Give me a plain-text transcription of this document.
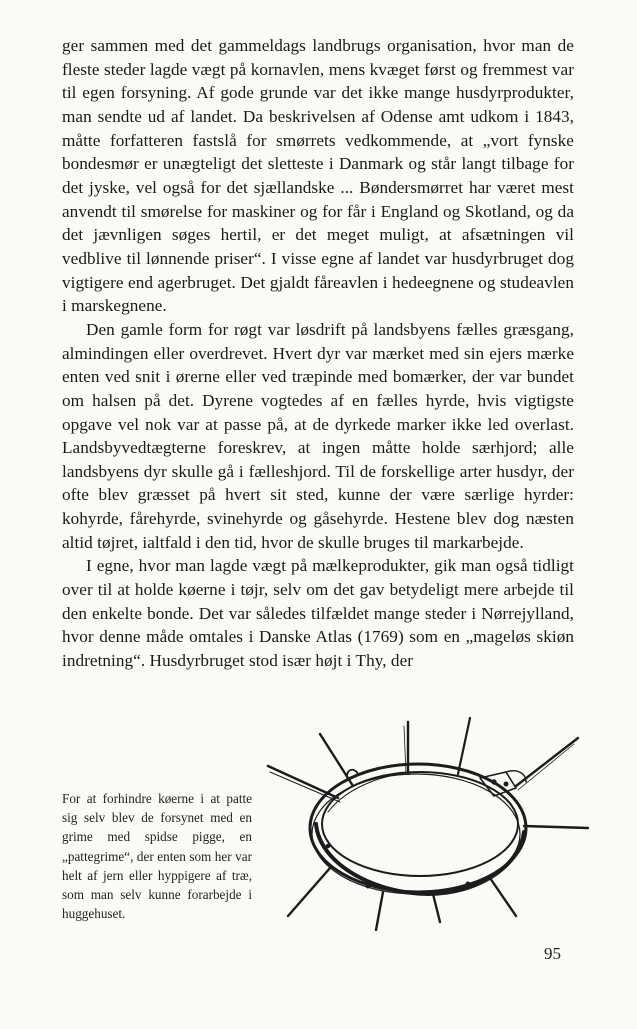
ger sammen med det gammeldags landbrugs organisation, hvor man de fleste steder lagde vægt på kornavlen, mens kvæget først og fremmest var til egen forsyning. Af gode grunde var det ikke mange husdyrprodukter, man sendte ud af landet. Da beskrivelsen af Odense amt udkom i 1843, måtte forfatteren fastslå for smørrets vedkommende, at „vort fynske bondesmør er unægteligt det sletteste i Danmark og står langt tilbage for det jyske, vel også for det sjællandske ... Bøndersmørret har været mest anvendt til smørelse for maskiner og for får i England og Skotland, og da det jævnligen søges hertil, er det meget muligt, at afsætningen vil vedblive til lønnende priser“. I visse egne af landet var husdyrbruget dog vigtigere end agerbruget. Det gjaldt fåreavlen i hedeegnene og studeavlen i marskegnene.

Den gamle form for røgt var løsdrift på landsbyens fælles græsgang, almindingen eller overdrevet. Hvert dyr var mærket med sin ejers mærke enten ved snit i ørerne eller ved træpinde med bomærker, der var bundet om halsen på det. Dyrene vogtedes af en fælles hyrde, hvis vigtigste opgave vel nok var at passe på, at de dyrkede marker ikke led overlast. Landsbyvedtægterne foreskrev, at ingen måtte holde særhjord; alle landsbyens dyr skulle gå i fælleshjord. Til de forskellige arter husdyr, der ofte blev græsset på hvert sit sted, kunne der være særlige hyrder: kohyrde, fårehyrde, svinehyrde og gåsehyrde. Hestene blev dog næsten altid tøjret, ialtfald i den tid, hvor de skulle bruges til markarbejde.

I egne, hvor man lagde vægt på mælkeprodukter, gik man også tidligt over til at holde køerne i tøjr, selv om det gav betydeligt mere arbejde til den enkelte bonde. Det var således tilfældet mange steder i Nørrejylland, hvor denne måde omtales i Danske Atlas (1769) som en „mageløs skiøn indretning“. Husdyrbruget stod især højt i Thy, der

For at forhindre køerne i at patte sig selv blev de forsynet med en grime med spidse pigge, en „pattegrime“, der enten som her var helt af jern eller hyppigere af træ, som man selv kunne forarbejde i huggehuset.

95
